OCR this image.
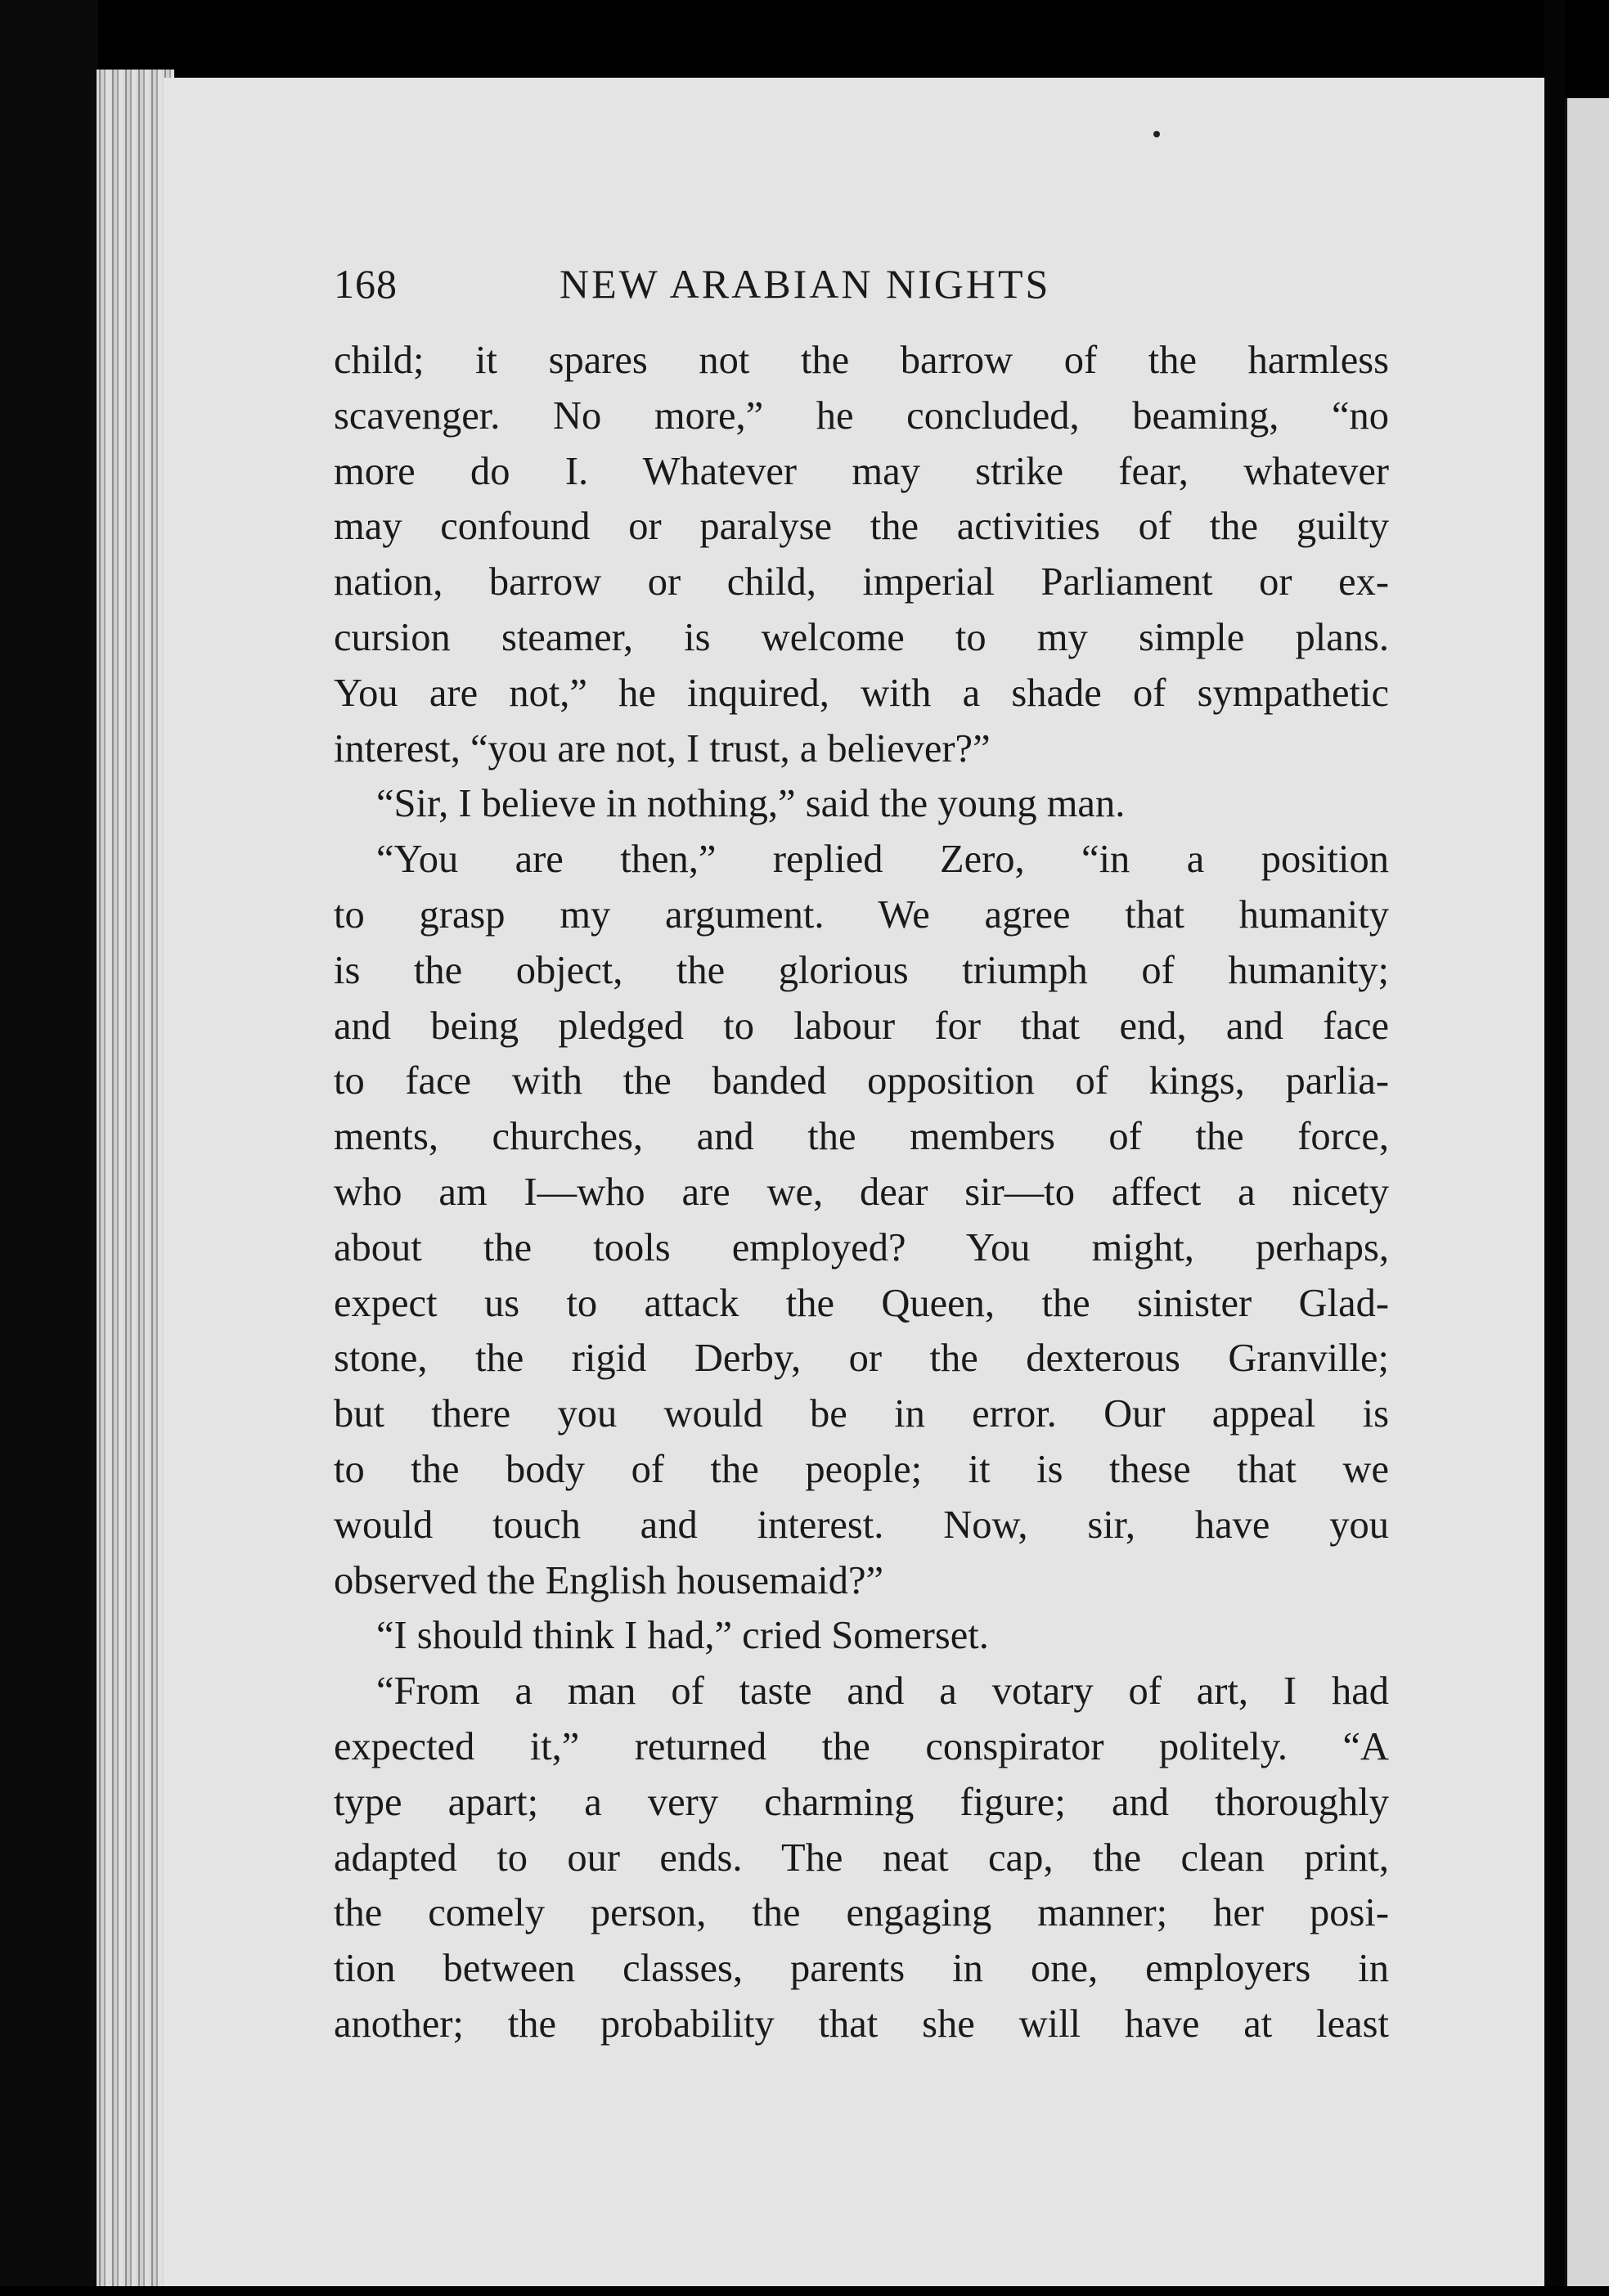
168	NEW ARABIAN NIGHTS
child; it spares not the barrow of the harmless
scavenger. No more,” he concluded, beaming, “no
more do I. Whatever may strike fear, whatever
may confound or paralyse the activities of the guilty
nation, barrow or child, imperial Parliament or ex-
cursion steamer, is welcome to my simple plans.
You are not,” he inquired, with a shade of sympathetic
interest, “you are not, I trust, a believer?”
“Sir, I believe in nothing,” said the young man.
“You are then,” replied Zero, “in a position
to grasp my argument. We agree that humanity
is the object, the glorious triumph of humanity;
and being pledged to labour for that end, and face
to face with the banded opposition of kings, parlia-
ments, churches, and the members of the force,
who am I—who are we, dear sir—to affect a nicety
about the tools employed? You might, perhaps,
expect us to attack the Queen, the sinister Glad-
stone, the rigid Derby, or the dexterous Granville;
but there you would be in error. Our appeal is
to the body of the people; it is these that we
would touch and interest. Now, sir, have you
observed the English housemaid?”
“I should think I had,” cried Somerset.
“From a man of taste and a votary of art, I had
expected it,” returned the conspirator politely. “A
type apart; a very charming figure; and thoroughly
adapted to our ends. The neat cap, the clean print,
the comely person, the engaging manner; her posi-
tion between classes, parents in one, employers in
another; the probability that she will have at least
